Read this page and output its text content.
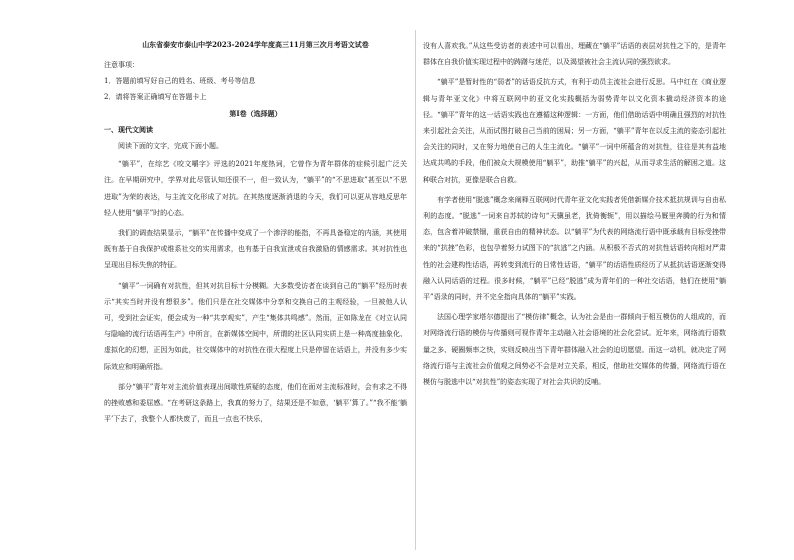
山东省泰安市泰山中学2023-2024学年度高三11月第三次月考语文试卷

注意事项：

1．答题前填写好自己的姓名、班级、考号等信息

2．请将答案正确填写在答题卡上

第I卷（选择题）

一、现代文阅读

阅读下面的文字，完成下面小题。

“躺平”，在综艺《咬文嚼字》评选的2021年度热词，它曾作为青年群体的症候引起广泛关注。在早期研究中，学界对此尽管认知还很不一，但一致认为，“躺平”的“不思进取”甚至以“不思进取”为荣的表达，与主流文化形成了对抗。在其热度逐渐消退的今天，我们可以更从容地反思年轻人使用“躺平”时的心态。

我们的调查结果显示，“躺平”在传播中变成了一个渗浮的能指，不再具备稳定的内涵，其使用既有基于自我保护或维系社交的实用需求，也有基于自我宣泄或自我激励的情感需求。其对抗性也呈现出目标失焦的特征。

“躺平”一词确有对抗性，但其对抗目标十分模糊。大多数受访者在谈到自己的“躺平”经历时表示“其实当时并没有想很多”。他们只是在社交媒体中分享和交换自己的主观经验，一旦被他人认可，受到社会证实，便会成为一种“共享观实”，产生“集体共鸣感”。然而，正如陈龙在《对立认同与隐喻的流行话语再生产》中所言，在新媒体空间中，所谓的社区认同实质上是一种高度抽象化、虚拟化的幻想，正因为如此，社交媒体中的对抗性在很大程度上只是停留在话语上，并没有多少实际效应和明确所指。

部分“躺平”青年对主流价值表现出间歇性质疑的态度，他们在面对主流标准时，会有求之不得的挫败感和委屈感。“在考研这条路上，我真的努力了，结果还是不如意，‘躺平’算了。”“我不能‘躺平’下去了，我整个人都快废了，而且一点也不快乐，

没有人喜欢我。”从这些受访者的表述中可以看出，埋藏在“躺平”话语的表层对抗性之下的，是青年群体在自我价值实现过程中的踌躇与迷茫，以及渴望被社会主流认同的强烈欲求。

“躺平”是暂时性的“弱者”的话语反抗方式，有利于动员主流社会进行反思。马中红在《商业逻辑与青年亚文化》中将互联网中的亚文化实践概括为弱势青年以文化资本撬动经济资本的途径。“躺平”青年的这一话语实践也在遵循这种逻辑：一方面，他们借助话语中明确且强烈的对抗性来引起社会关注，从而试图打破自己当前的困局；另一方面，“躺平”青年在以反主流的姿态引起社会关注的同时，又在努力地使自己的人生主流化。“躺平”一词中所蕴含的对抗性，往往是其有益地达成共鸣的手段，他们被众大规模使用“躺平”，助推“躺平”的兴起，从而寻求生活的解困之道。这种联合对抗，更像是联合自救。

有学者使用“脱逃”概念来阐释互联网时代青年亚文化实践者凭借新媒介技术抵抗规训与自由私利的态度。“脱逃”一词来自苏轼的诗句“天骥虽老，犹倚衡轭”，用以描绘马厩里奔腾的行为和情态，包含着冲破禁锢，重获自由的精神状态。以“躺平”为代表的网络流行语中既承载有目标受挫带来的“抗挫”色彩，也包孕着努力试图下的“抗逃”之内涵。从积极不否式的对抗性话语转向相对严肃性的社会建构性话语，再转变到流行的日常性话语，“躺平”的话语性质经历了从抵抗话语逐渐变得融入认同话语的过程。很多时候，“躺平”已经“脱逃”成为青年们的一种社交话语，他们在使用“躺平”语录的同时，并不完全指向具体的“躺平”实践。

法国心理学家塔尔德提出了“模仿律”概念，认为社会是由一群倾向于相互模仿的人组成的，而对网络流行语的模仿与传播则可视作青年主动融入社会语境的社会化尝试。近年来，网络流行语数量之多、硬圈频率之快，实则反映出当下青年群体融入社会的迫切愿望。而这一动机，就决定了网络流行语与主流社会价值观之间势必不会是对立关系，相反，借助社交媒体的传播，网络流行语在模仿与脱逃中以“对抗性”的姿态实现了对社会共识的反哺。
